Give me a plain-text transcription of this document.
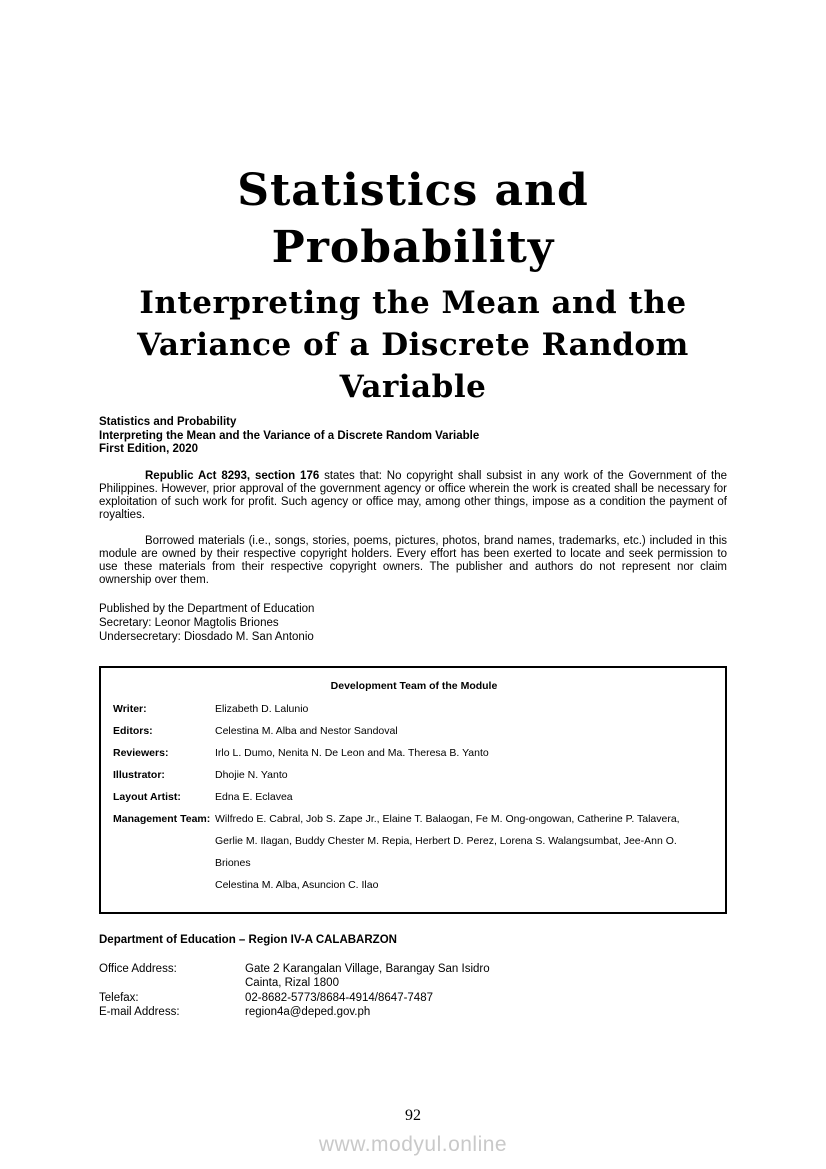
Statistics and
Probability
Interpreting the Mean and the Variance of a Discrete Random Variable
Statistics and Probability
Interpreting the Mean and the Variance of a Discrete Random Variable
First Edition, 2020

Republic Act 8293, section 176 states that: No copyright shall subsist in any work of the Government of the Philippines. However, prior approval of the government agency or office wherein the work is created shall be necessary for exploitation of such work for profit. Such agency or office may, among other things, impose as a condition the payment of royalties.

Borrowed materials (i.e., songs, stories, poems, pictures, photos, brand names, trademarks, etc.) included in this module are owned by their respective copyright holders. Every effort has been exerted to locate and seek permission to use these materials from their respective copyright owners. The publisher and authors do not represent nor claim ownership over them.

Published by the Department of Education
Secretary: Leonor Magtolis Briones
Undersecretary: Diosdado M. San Antonio
Development Team of the Module
Writer:	Elizabeth D. Lalunio
Editors:	Celestina M. Alba and Nestor Sandoval
Reviewers:	Irlo L. Dumo, Nenita N. De Leon and Ma. Theresa B. Yanto
Illustrator:	Dhojie N. Yanto
Layout Artist:	Edna E. Eclavea
Management Team: Wilfredo E. Cabral, Job S. Zape Jr., Elaine T. Balaogan, Fe M. Ong-ongowan, Catherine P. Talavera,
Gerlie M. Ilagan, Buddy Chester M. Repia, Herbert D. Perez, Lorena S. Walangsumbat, Jee-Ann O. Briones
Celestina M. Alba, Asuncion C. Ilao
Department of Education – Region IV-A CALABARZON
Office Address:	Gate 2 Karangalan Village, Barangay San Isidro
Cainta, Rizal 1800
Telefax:	02-8682-5773/8684-4914/8647-7487
E-mail Address:	region4a@deped.gov.ph
92
www.modyul.online
